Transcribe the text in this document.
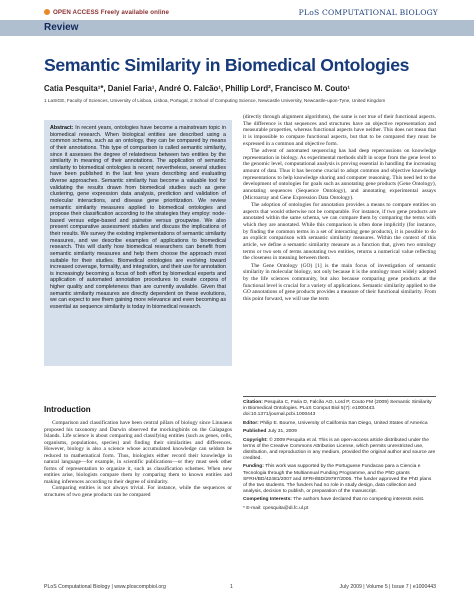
OPEN ACCESS Freely available online	PLoS COMPUTATIONAL BIOLOGY
Review
Semantic Similarity in Biomedical Ontologies
Catia Pesquita¹*, Daniel Faria¹, André O. Falcão¹, Phillip Lord², Francisco M. Couto¹
1 LaSIGE, Faculty of Sciences, University of Lisboa, Lisboa, Portugal, 2 School of Computing Science, Newcastle University, Newcastle-upon-Tyne, United Kingdom

Abstract: In recent years, ontologies have become a mainstream topic in biomedical research. When biological entities are described using a common schema, such as an ontology, they can be compared by means of their annotations. This type of comparison is called semantic similarity, since it assesses the degree of relatedness between two entities by the similarity in meaning of their annotations. The application of semantic similarity to biomedical ontologies is recent; nevertheless, several studies have been published in the last few years describing and evaluating diverse approaches. Semantic similarity has become a valuable tool for validating the results drawn from biomedical studies such as gene clustering, gene expression data analysis, prediction and validation of molecular interactions, and disease gene prioritization. We review semantic similarity measures applied to biomedical ontologies and propose their classification according to the strategies they employ: node-based versus edge-based and pairwise versus groupwise. We also present comparative assessment studies and discuss the implications of their results. We survey the existing implementations of semantic similarity measures, and we describe examples of applications to biomedical research. This will clarify how biomedical researchers can benefit from semantic similarity measures and help them choose the approach most suitable for their studies. Biomedical ontologies are evolving toward increased coverage, formality, and integration, and their use for annotation is increasingly becoming a focus of both effort by biomedical experts and application of automated annotation procedures to create corpora of higher quality and completeness than are currently available. Given that semantic similarity measures are directly dependent on these evolutions, we can expect to see them gaining more relevance and even becoming as essential as sequence similarity is today in biomedical research.

(directly through alignment algorithms), the same is not true of their functional aspects. The difference is that sequences and structures have an objective representation and measurable properties, whereas functional aspects have neither. This does not mean that it is impossible to compare functional aspects, but that to be compared they must be expressed in a common and objective form.

The advent of automated sequencing has had deep repercussions on knowledge representation in biology. As experimental methods shift in scope from the gene level to the genomic level, computational analysis is proving essential in handling the increasing amount of data. Thus it has become crucial to adopt common and objective knowledge representations to help knowledge sharing and computer reasoning. This need led to the development of ontologies for goals such as annotating gene products (Gene Ontology), annotating sequences (Sequence Ontology), and annotating experimental assays (Microarray and Gene Expression Data Ontology).

The adoption of ontologies for annotation provides a means to compare entities on aspects that would otherwise not be comparable. For instance, if two gene products are annotated within the same schema, we can compare them by comparing the terms with which they are annotated. While this comparison is often done implicitly (for instance, by finding the common terms in a set of interacting gene products), it is possible to do an explicit comparison with semantic similarity measures. Within the context of this article, we define a semantic similarity measure as a function that, given two ontology terms or two sets of terms annotating two entities, returns a numerical value reflecting the closeness in meaning between them.

The Gene Ontology (GO) [1] is the main focus of investigation of semantic similarity in molecular biology, not only because it is the ontology most widely adopted by the life sciences community, but also because comparing gene products at the functional level is crucial for a variety of applications. Semantic similarity applied to the GO annotations of gene products provides a measure of their functional similarity. From this point forward, we will use the term

Introduction

Comparison and classification have been central pillars of biology since Linnaeus proposed his taxonomy and Darwin observed the mockingbirds on the Galapagos Islands. Life science is about comparing and classifying entities (such as genes, cells, organisms, populations, species) and finding their similarities and differences. However, biology is also a science whose accumulated knowledge can seldom be reduced to mathematical form. Thus, biologists either record their knowledge in natural language—for example, in scientific publications—or they must seek other forms of representation to organize it, such as classification schemes. When new entities arise, biologists compare them by comparing them to known entities and making inferences according to their degree of similarity.

Comparing entities is not always trivial. For instance, while the sequences or structures of two gene products can be compared

Citation: Pesquita C, Faria D, Falcão AO, Lord P, Couto FM (2009) Semantic Similarity in Biomedical Ontologies. PLoS Comput Biol 5(7): e1000443. doi:10.1371/journal.pcbi.1000443

Editor: Philip E. Bourne, University of California San Diego, United States of America

Published July 31, 2009

Copyright: © 2009 Pesquita et al. This is an open-access article distributed under the terms of the Creative Commons Attribution License, which permits unrestricted use, distribution, and reproduction in any medium, provided the original author and source are credited.

Funding: This work was supported by the Portuguese Fundacao para a Ciencia e Tecnologia through the Multiannual Funding Programme, and the PhD grants SFRH/BD/42481/2007 and SFRH/BD/29797/2006. The funder approved the PhD plans of the two students. The funders had no role in study design, data collection and analysis, decision to publish, or preparation of the manuscript.

Competing Interests: The authors have declared that no competing interests exist.

* E-mail: cpesquita@di.fc.ul.pt

PLoS Computational Biology | www.ploscompbiol.org	1	July 2009 | Volume 5 | Issue 7 | e1000443
